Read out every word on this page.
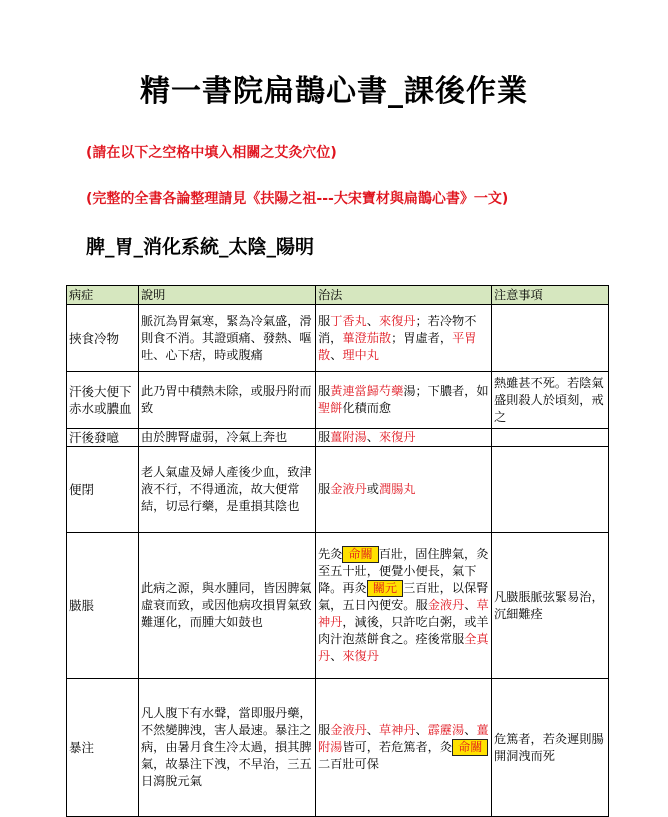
精一書院扁鵲心書_課後作業
(請在以下之空格中填入相關之艾灸穴位)
(完整的全書各論整理請見《扶陽之祖---大宋寶材與扁鵲心書》一文)
脾_胃_消化系統_太陰_陽明
病症	說明	治法	注意事項
挾食冷物	脈沉為胃氣寒，緊為冷氣盛，滑則食不消。其證頭痛、發熱、嘔吐、心下痞，時或腹痛	服丁香丸、來復丹；若冷物不消，蓽澄茄散；胃虛者，平胃散、理中丸	
汗後大便下赤水或膿血	此乃胃中積熱未除，或服丹附而致	服黃連當歸芍藥湯；下膿者，如聖餅化積而愈	熱雖甚不死。若陰氣盛則殺人於頃刻，戒之
汗後發噫	由於脾腎虛弱，冷氣上奔也	服薑附湯、來復丹	
便閉	老人氣虛及婦人產後少血，致津液不行，不得通流，故大便常結，切忌行藥，是重損其陰也	服金液丹或潤腸丸	
臌脹	此病之源，與水腫同，皆因脾氣虛衰而致，或因他病攻損胃氣致難運化，而腫大如鼓也	先灸 命關 百壯，固住脾氣，灸至五十壯，便覺小便長，氣下降。再灸 關元 三百壯，以保腎氣，五日內便安。服金液丹、草神丹，減後，只許吃白粥，或羊肉汁泡蒸餅食之。痊後常服全真丹、來復丹	凡臌脹脈弦緊易治，沉細難痊
暴注	凡人腹下有水聲，當即服丹藥，不然變脾洩，害人最速。暴注之病，由暑月食生冷太過，損其脾氣，故暴注下洩，不早治，三五日瀉脫元氣	服金液丹、草神丹、霹靂湯、薑附湯皆可，若危篤者，灸 命關二百壯可保	危篤者，若灸遲則腸開洞洩而死
